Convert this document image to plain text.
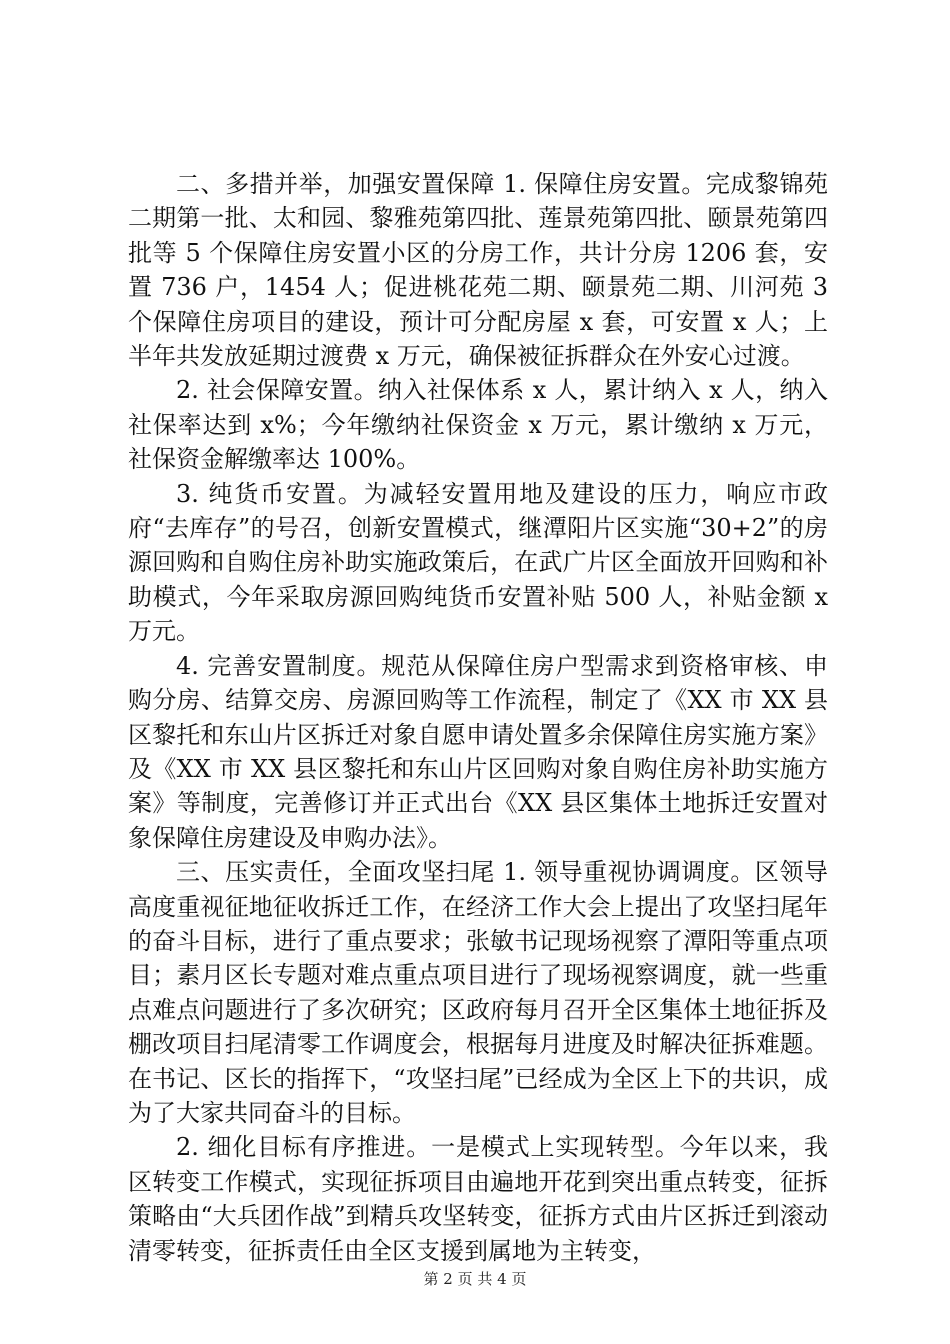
二、多措并举，加强安置保障 1. 保障住房安置。完成黎锦苑二期第一批、太和园、黎雅苑第四批、莲景苑第四批、颐景苑第四批等 5 个保障住房安置小区的分房工作，共计分房 1206 套，安置 736 户，1454 人；促进桃花苑二期、颐景苑二期、川河苑 3 个保障住房项目的建设，预计可分配房屋 x 套，可安置 x 人；上半年共发放延期过渡费 x 万元，确保被征拆群众在外安心过渡。

2. 社会保障安置。纳入社保体系 x 人，累计纳入 x 人，纳入社保率达到 x%；今年缴纳社保资金 x 万元，累计缴纳 x 万元，社保资金解缴率达 100%。

3. 纯货币安置。为减轻安置用地及建设的压力，响应市政府“去库存”的号召，创新安置模式，继潭阳片区实施“30+2”的房源回购和自购住房补助实施政策后，在武广片区全面放开回购和补助模式，今年采取房源回购纯货币安置补贴 500 人，补贴金额 x 万元。

4. 完善安置制度。规范从保障住房户型需求到资格审核、申购分房、结算交房、房源回购等工作流程，制定了《XX 市 XX 县区黎托和东山片区拆迁对象自愿申请处置多余保障住房实施方案》及《XX 市 XX 县区黎托和东山片区回购对象自购住房补助实施方案》等制度，完善修订并正式出台《XX 县区集体土地拆迁安置对象保障住房建设及申购办法》。

三、压实责任，全面攻坚扫尾 1. 领导重视协调调度。区领导高度重视征地征收拆迁工作，在经济工作大会上提出了攻坚扫尾年的奋斗目标，进行了重点要求；张敏书记现场视察了潭阳等重点项目；素月区长专题对难点重点项目进行了现场视察调度，就一些重点难点问题进行了多次研究；区政府每月召开全区集体土地征拆及棚改项目扫尾清零工作调度会，根据每月进度及时解决征拆难题。在书记、区长的指挥下，“攻坚扫尾”已经成为全区上下的共识，成为了大家共同奋斗的目标。

2. 细化目标有序推进。一是模式上实现转型。今年以来，我区转变工作模式，实现征拆项目由遍地开花到突出重点转变，征拆策略由“大兵团作战”到精兵攻坚转变，征拆方式由片区拆迁到滚动清零转变，征拆责任由全区支援到属地为主转变，

第 2 页 共 4 页
